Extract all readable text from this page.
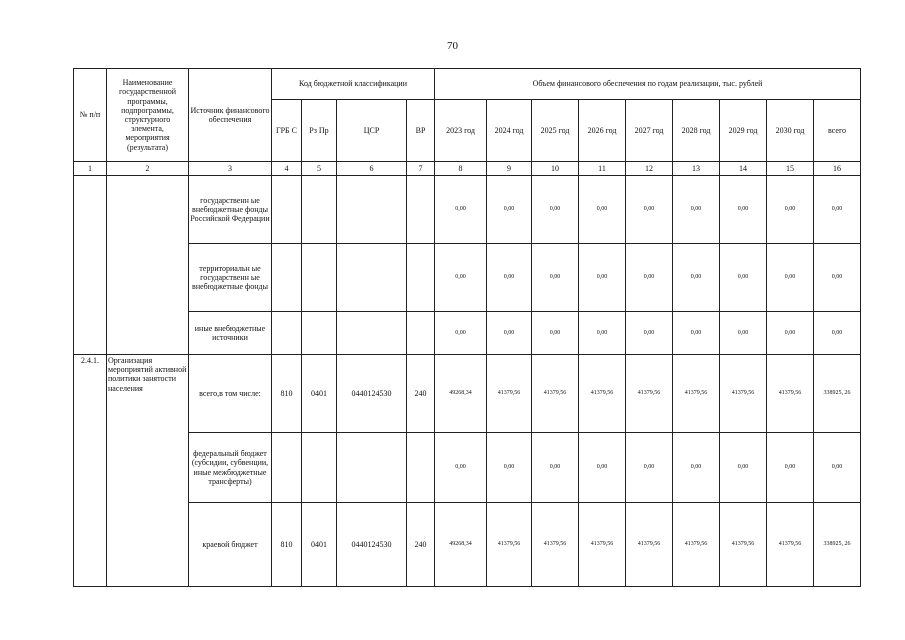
70
№ п/п	Наименование государственной программы, подпрограммы, структурного элемента, мероприятия (результата)	Источник финансового обеспечения	Код бюджетной классификации				Объем финансового обеспечения по годам реализации, тыс. рублей								
			ГРБ С	Рз Пр	ЦСР	ВР	2023 год	2024 год	2025 год	2026 год	2027 год	2028 год	2029 год	2030 год	всего
1	2	3	4	5	6	7	8	9	10	11	12	13	14	15	16
		государственн ые внебюджетные фонды Российской Федерации					0,00	0,00	0,00	0,00	0,00	0,00	0,00	0,00	0,00
		территориальн ые государственн ые внебюджетные фонды					0,00	0,00	0,00	0,00	0,00	0,00	0,00	0,00	0,00
		иные внебюджетные источники					0,00	0,00	0,00	0,00	0,00	0,00	0,00	0,00	0,00
2.4.1.	Организация мероприятий активной политики занятости населения	всего,в том числе:	810	0401	0440124530	240	49268,34	41379,56	41379,56	41379,56	41379,56	41379,56	41379,56	41379,56	338925, 26
		федеральный бюджет (субсидии, субвенции, иные межбюджетные трансферты)					0,00	0,00	0,00	0,00	0,00	0,00	0,00	0,00	0,00
		краевой бюджет	810	0401	0440124530	240	49268,34	41379,56	41379,56	41379,56	41379,56	41379,56	41379,56	41379,56	338925, 26
